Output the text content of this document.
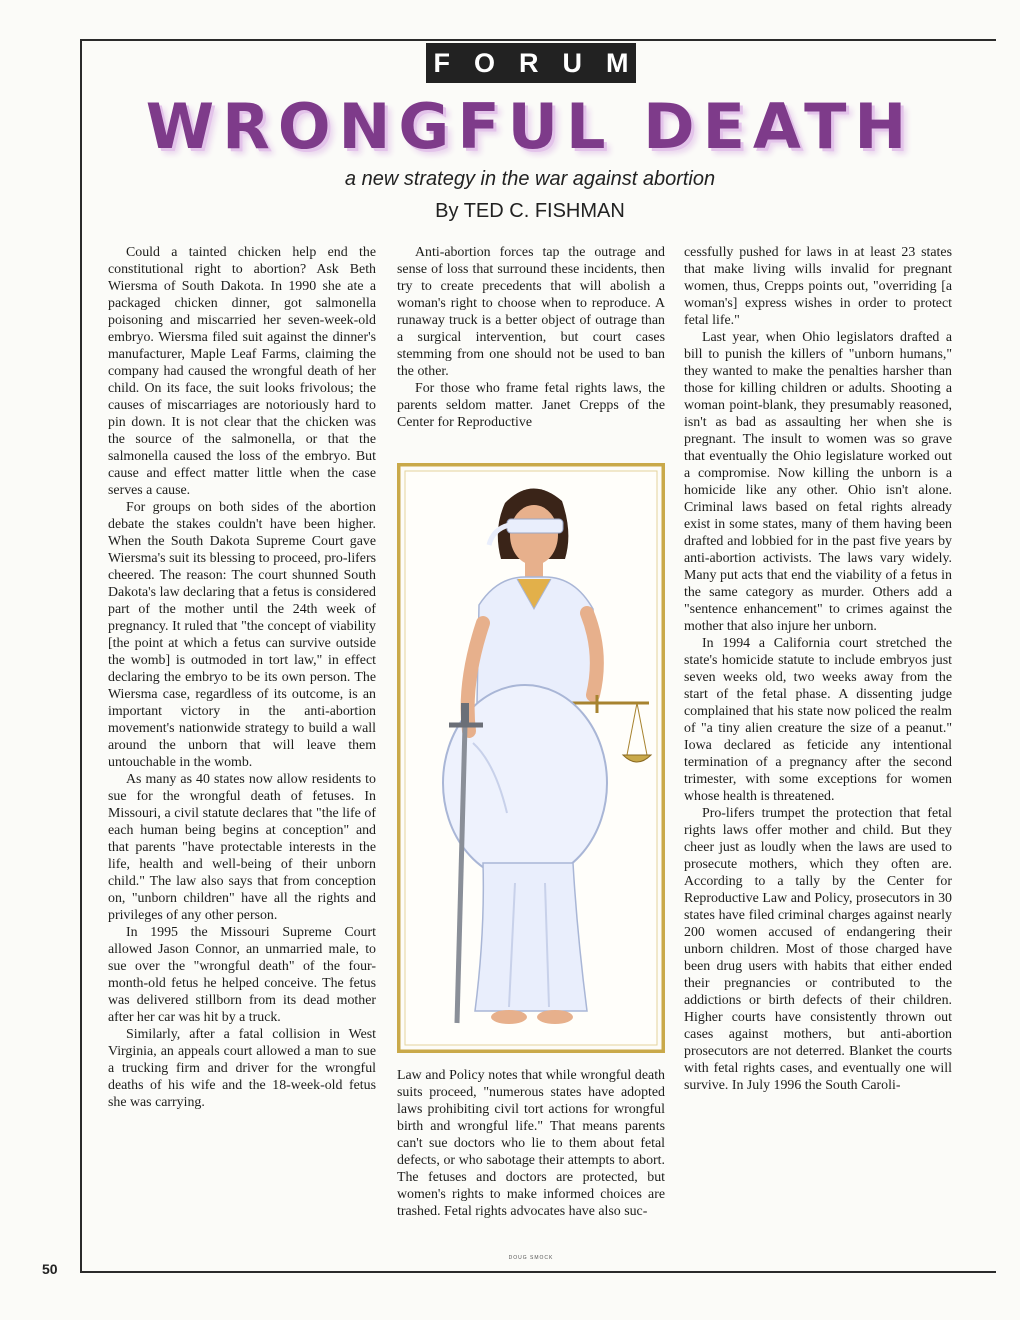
FORUM
WRONGFUL DEATH
a new strategy in the war against abortion
By TED C. FISHMAN

Could a tainted chicken help end the constitutional right to abortion? Ask Beth Wiersma of South Dakota. In 1990 she ate a packaged chicken dinner, got salmonella poisoning and miscarried her seven-week-old embryo. Wiersma filed suit against the dinner's manufacturer, Maple Leaf Farms, claiming the company had caused the wrongful death of her child. On its face, the suit looks frivolous; the causes of miscarriages are notoriously hard to pin down. It is not clear that the chicken was the source of the salmonella, or that the salmonella caused the loss of the embryo. But cause and effect matter little when the case serves a cause.

For groups on both sides of the abortion debate the stakes couldn't have been higher. When the South Dakota Supreme Court gave Wiersma's suit its blessing to proceed, pro-lifers cheered. The reason: The court shunned South Dakota's law declaring that a fetus is considered part of the mother until the 24th week of pregnancy. It ruled that "the concept of viability [the point at which a fetus can survive outside the womb] is outmoded in tort law," in effect declaring the embryo to be its own person. The Wiersma case, regardless of its outcome, is an important victory in the anti-abortion movement's nationwide strategy to build a wall around the unborn that will leave them untouchable in the womb.

As many as 40 states now allow residents to sue for the wrongful death of fetuses. In Missouri, a civil statute declares that "the life of each human being begins at conception" and that parents "have protectable interests in the life, health and well-being of their unborn child." The law also says that from conception on, "unborn children" have all the rights and privileges of any other person.

In 1995 the Missouri Supreme Court allowed Jason Connor, an unmarried male, to sue over the "wrongful death" of the four-month-old fetus he helped conceive. The fetus was delivered stillborn from its dead mother after her car was hit by a truck.

Similarly, after a fatal collision in West Virginia, an appeals court allowed a man to sue a trucking firm and driver for the wrongful deaths of his wife and the 18-week-old fetus she was carrying.

Anti-abortion forces tap the outrage and sense of loss that surround these incidents, then try to create precedents that will abolish a woman's right to choose when to reproduce. A runaway truck is a better object of outrage than a surgical intervention, but court cases stemming from one should not be used to ban the other.

For those who frame fetal rights laws, the parents seldom matter. Janet Crepps of the Center for Reproductive

Law and Policy notes that while wrongful death suits proceed, "numerous states have adopted laws prohibiting civil tort actions for wrongful birth and wrongful life." That means parents can't sue doctors who lie to them about fetal defects, or who sabotage their attempts to abort. The fetuses and doctors are protected, but women's rights to make informed choices are trashed. Fetal rights advocates have also suc-

DOUG SMOCK

cessfully pushed for laws in at least 23 states that make living wills invalid for pregnant women, thus, Crepps points out, "overriding [a woman's] express wishes in order to protect fetal life."

Last year, when Ohio legislators drafted a bill to punish the killers of "unborn humans," they wanted to make the penalties harsher than those for killing children or adults. Shooting a woman point-blank, they presumably reasoned, isn't as bad as assaulting her when she is pregnant. The insult to women was so grave that eventually the Ohio legislature worked out a compromise. Now killing the unborn is a homicide like any other. Ohio isn't alone. Criminal laws based on fetal rights already exist in some states, many of them having been drafted and lobbied for in the past five years by anti-abortion activists. The laws vary widely. Many put acts that end the viability of a fetus in the same category as murder. Others add a "sentence enhancement" to crimes against the mother that also injure her unborn.

In 1994 a California court stretched the state's homicide statute to include embryos just seven weeks old, two weeks away from the start of the fetal phase. A dissenting judge complained that his state now policed the realm of "a tiny alien creature the size of a peanut." Iowa declared as feticide any intentional termination of a pregnancy after the second trimester, with some exceptions for women whose health is threatened.

Pro-lifers trumpet the protection that fetal rights laws offer mother and child. But they cheer just as loudly when the laws are used to prosecute mothers, which they often are. According to a tally by the Center for Reproductive Law and Policy, prosecutors in 30 states have filed criminal charges against nearly 200 women accused of endangering their unborn children. Most of those charged have been drug users with habits that either ended their pregnancies or contributed to the addictions or birth defects of their children. Higher courts have consistently thrown out cases against mothers, but anti-abortion prosecutors are not deterred. Blanket the courts with fetal rights cases, and eventually one will survive. In July 1996 the South Caroli-

50
